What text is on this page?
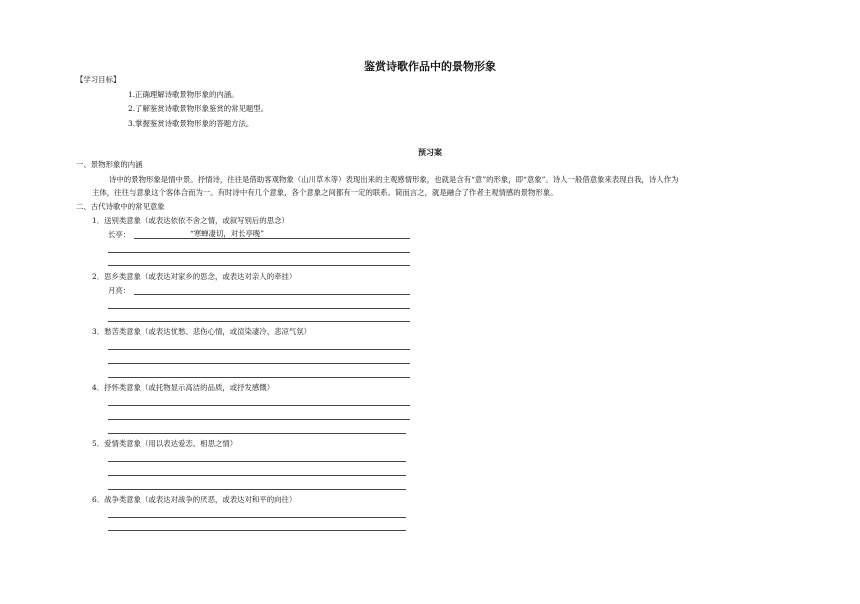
鉴赏诗歌作品中的景物形象
【学习目标】
1.正确理解诗歌景物形象的内涵。
2.了解鉴赏诗歌景物形象鉴赏的常见题型。
3.掌握鉴赏诗歌景物形象的答题方法。
预习案
一、景物形象的内涵
诗中的景物形象是情中景。抒情诗，往往是借助客观物象（山川草木等）表现出来的主观感情形象，也就是含有“意”的形象，即“意象”。诗人一般借意象来表现自我，诗人作为
主体，往往与意象这个客体合而为一。有时诗中有几个意象，各个意象之间都有一定的联系。简而言之，就是融合了作者主观情感的景物形象。
二、古代诗歌中的常见意象
1．送别类意象（或表达依依不舍之情，或叙写别后的思念）
长亭：	“寒蝉凄切，对长亭晚”
2．思乡类意象（或表达对家乡的思念，或表达对亲人的牵挂）
月亮：
3．愁苦类意象（或表达忧愁、悲伤心情，或渲染凄冷、悲凉气氛）
4．抒怀类意象（或托物显示高洁的品质，或抒发感慨）
5．爱情类意象（用以表达爱恋、相思之情）
6．战争类意象（或表达对战争的厌恶，或表达对和平的向往）
